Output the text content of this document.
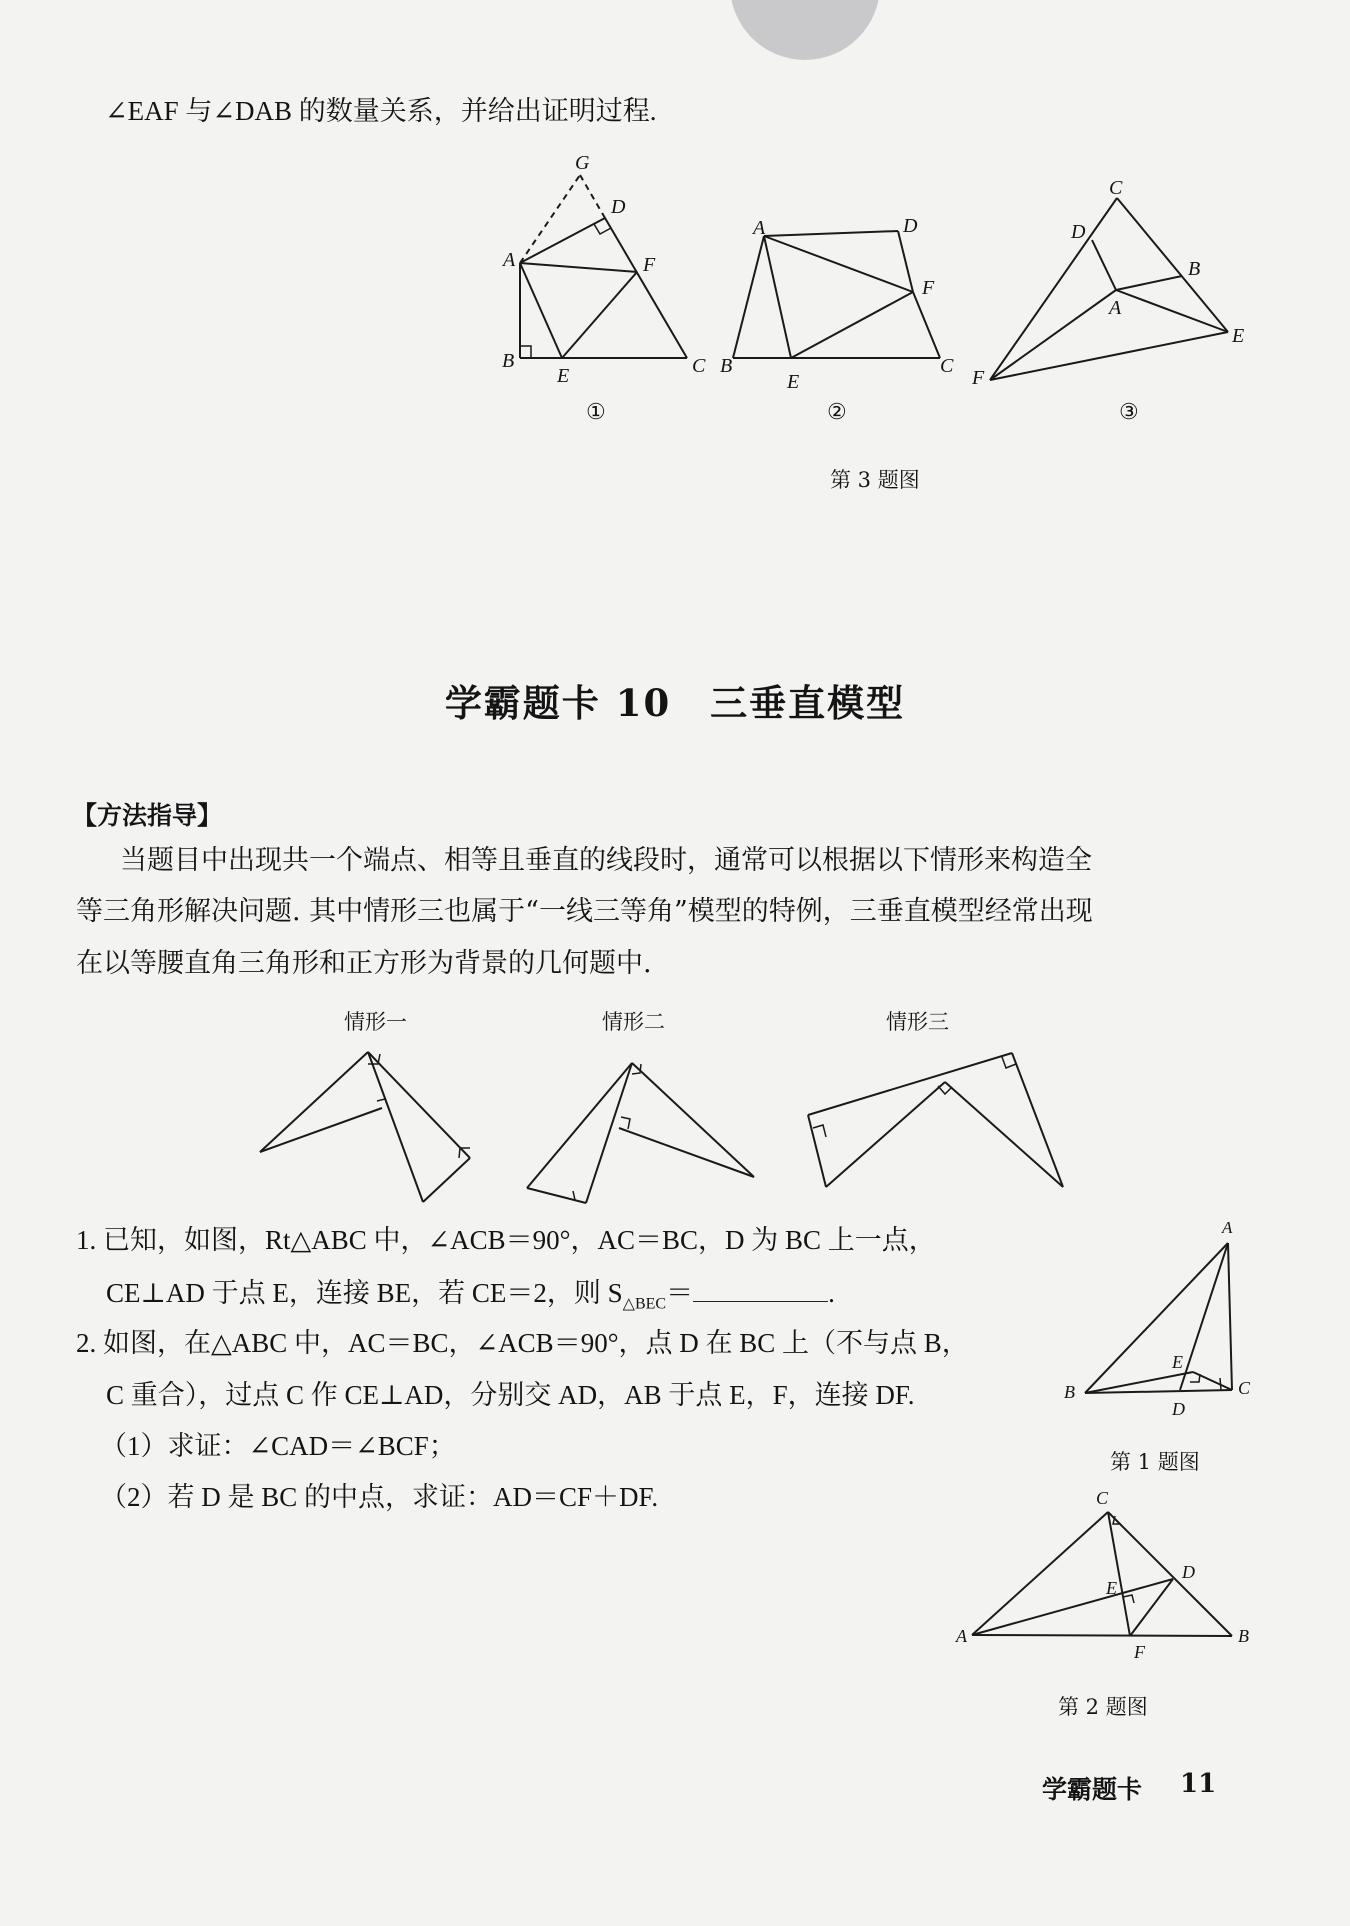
∠EAF 与∠DAB 的数量关系，并给出证明过程.
G
D
A	F
B
E	C
A	D
F
B
E
C
C
D
B
A
E
F
①	②	③
第 3 题图
学霸题卡 10　三垂直模型
【方法指导】
当题目中出现共一个端点、相等且垂直的线段时，通常可以根据以下情形来构造全
等三角形解决问题. 其中情形三也属于“一线三等角”模型的特例，三垂直模型经常出现
在以等腰直角三角形和正方形为背景的几何题中.
情形一	情形二	情形三
1. 已知，如图，Rt△ABC 中，∠ACB＝90°，AC＝BC，D 为 BC 上一点，
CE⊥AD 于点 E，连接 BE，若 CE＝2，则 $S_{\triangle BEC}=$	.
2. 如图，在△ABC 中，AC＝BC，∠ACB＝90°，点 D 在 BC 上（不与点 B，
C 重合），过点 C 作 CE⊥AD，分别交 AD，AB 于点 E，F，连接 DF.
（1）求证：∠CAD＝∠BCF；
（2）若 D 是 BC 的中点，求证：AD＝CF＋DF.
A
E
B
D
C
第 1 题图
C
E
D
A
F
B
第 2 题图
学霸题卡 11
